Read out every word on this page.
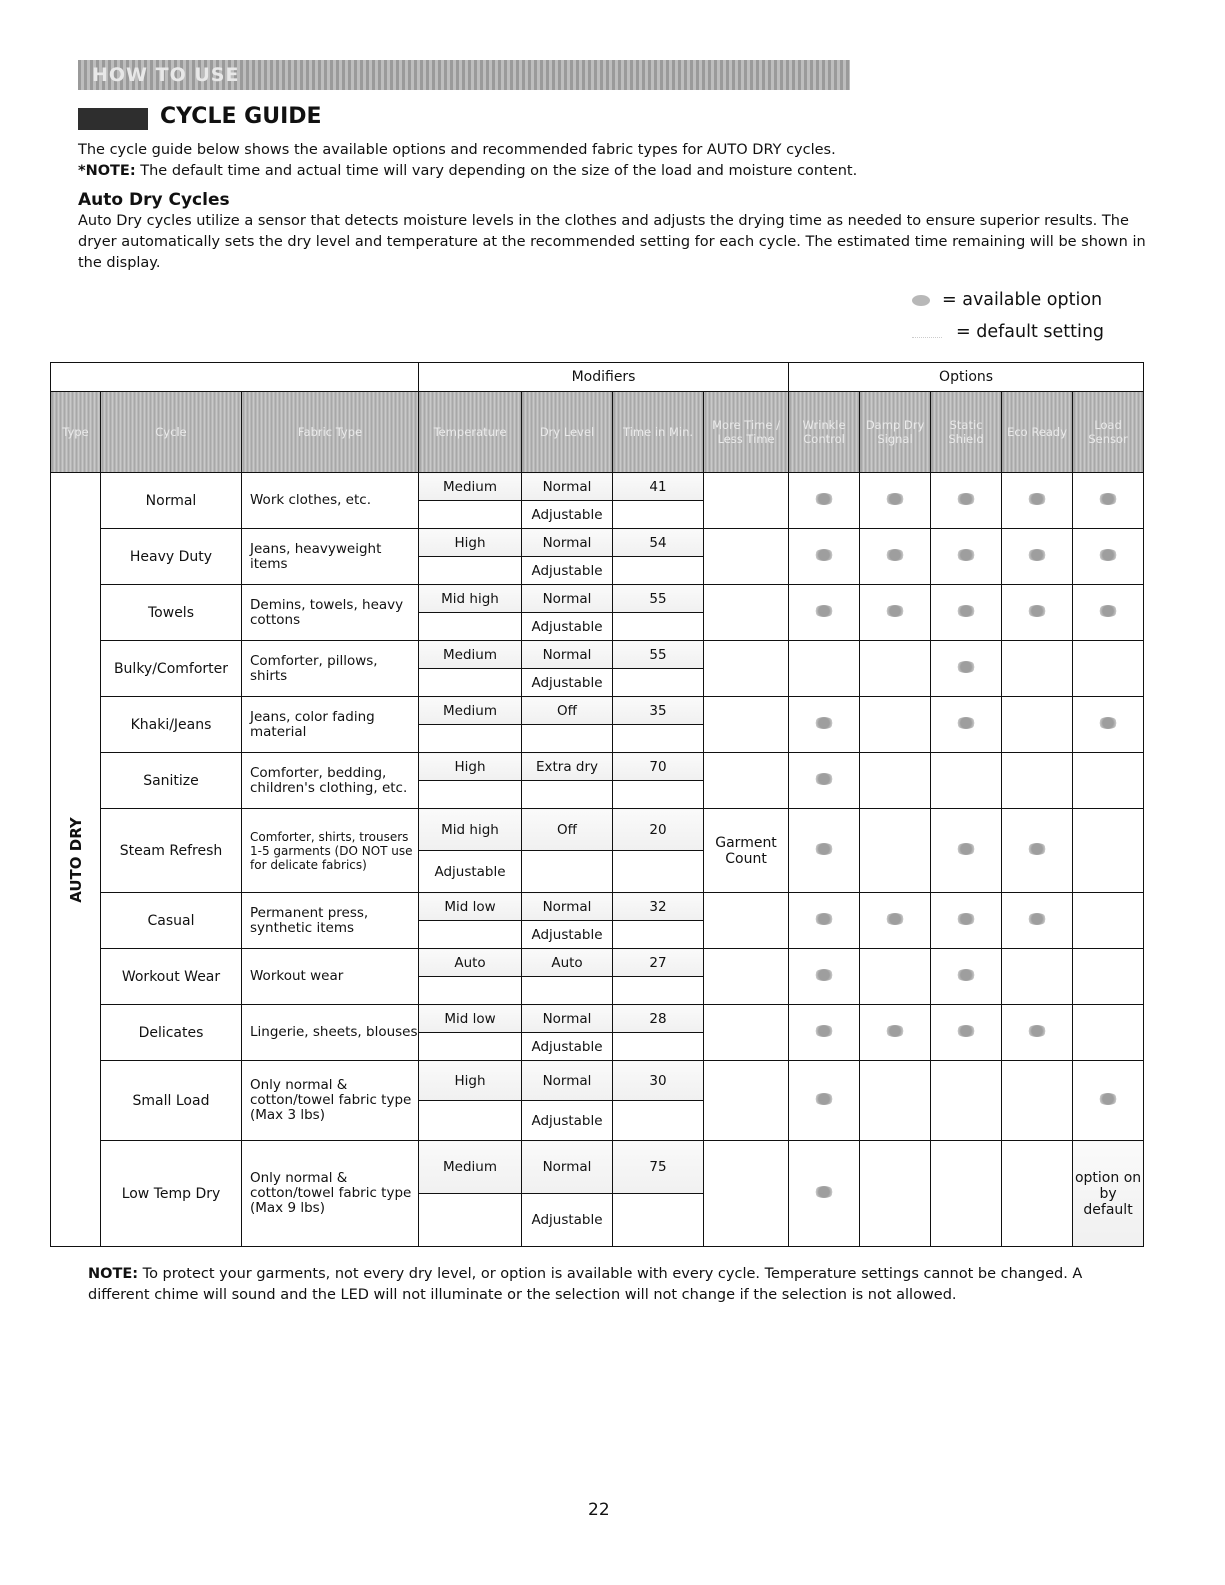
HOW TO USE
CYCLE GUIDE

The cycle guide below shows the available options and recommended fabric types for AUTO DRY cycles.

*NOTE: The default time and actual time will vary depending on the size of the load and moisture content.

Auto Dry Cycles

Auto Dry cycles utilize a sensor that detects moisture levels in the clothes and adjusts the drying time as needed to ensure superior results. The dryer automatically sets the dry level and temperature at the recommended setting for each cycle. The estimated time remaining will be shown in the display.

= available option
= default setting
			Modifiers				Options				
Type	Cycle	Fabric Type	Temperature	Dry Level	Time in Min.	More Time / Less Time	Wrinkle Control	Damp Dry Signal	Static Shield	Eco Ready	Load Sensor

AUTO DRY	Normal	Work clothes, etc.	Medium	Normal	41						
				Adjustable							
	Heavy Duty	Jeans, heavyweight items	High	Normal	54						
				Adjustable							
	Towels	Demins, towels, heavy cottons	Mid high	Normal	55						
				Adjustable							
	Bulky/Comforter	Comforter, pillows, shirts	Medium	Normal	55						
				Adjustable							
	Khaki/Jeans	Jeans, color fading material	Medium	Off	35						

	Sanitize	Comforter, bedding, children's clothing, etc.	High	Extra dry	70						

	Steam Refresh	Comforter, shirts, trousers 1-5 garments (DO NOT use for delicate fabrics)	Mid high	Off	20	Garment Count					
			Adjustable								
	Casual	Permanent press, synthetic items	Mid low	Normal	32						
				Adjustable							
	Workout Wear	Workout wear	Auto	Auto	27						

	Delicates	Lingerie, sheets, blouses	Mid low	Normal	28						
				Adjustable							
	Small Load	Only normal & cotton/towel fabric type (Max 3 lbs)	High	Normal	30						
				Adjustable							
	Low Temp Dry	Only normal & cotton/towel fabric type (Max 9 lbs)	Medium	Normal	75						option on by default
				Adjustable							

NOTE: To protect your garments, not every dry level, or option is available with every cycle. Temperature settings cannot be changed. A different chime will sound and the LED will not illuminate or the selection will not change if the selection is not allowed.

22
